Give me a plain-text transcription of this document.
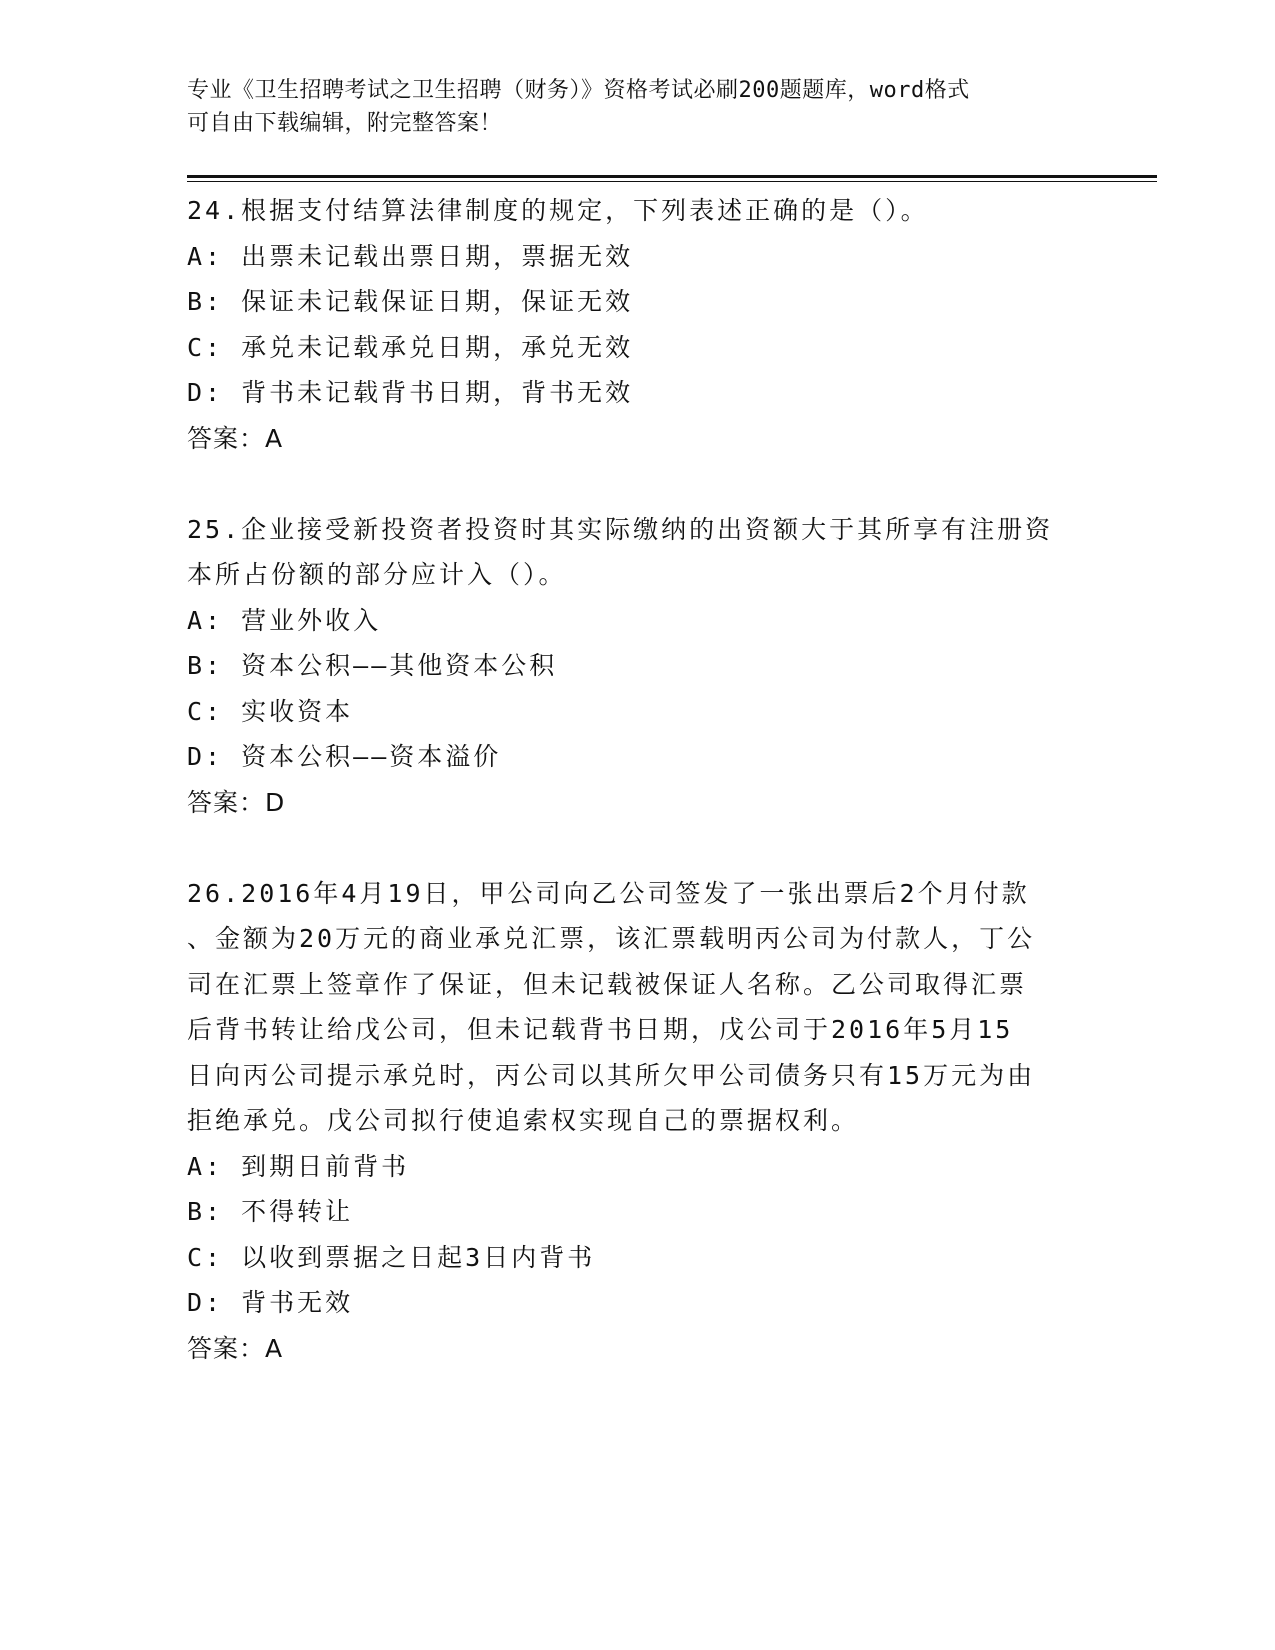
专业《卫生招聘考试之卫生招聘（财务）》资格考试必刷200题题库，word格式
可自由下载编辑，附完整答案！

24.根据支付结算法律制度的规定，下列表述正确的是（）。

A: 出票未记载出票日期，票据无效

B: 保证未记载保证日期，保证无效

C: 承兑未记载承兑日期，承兑无效

D: 背书未记载背书日期，背书无效

答案：A

25.企业接受新投资者投资时其实际缴纳的出资额大于其所享有注册资

本所占份额的部分应计入（）。

A: 营业外收入

B: 资本公积——其他资本公积

C: 实收资本

D: 资本公积——资本溢价

答案：D

26.2016年4月19日，甲公司向乙公司签发了一张出票后2个月付款

、金额为20万元的商业承兑汇票，该汇票载明丙公司为付款人，丁公

司在汇票上签章作了保证，但未记载被保证人名称。乙公司取得汇票

后背书转让给戊公司，但未记载背书日期，戊公司于2016年5月15

日向丙公司提示承兑时，丙公司以其所欠甲公司债务只有15万元为由

拒绝承兑。戊公司拟行使追索权实现自己的票据权利。

A: 到期日前背书

B: 不得转让

C: 以收到票据之日起3日内背书

D: 背书无效

答案：A
